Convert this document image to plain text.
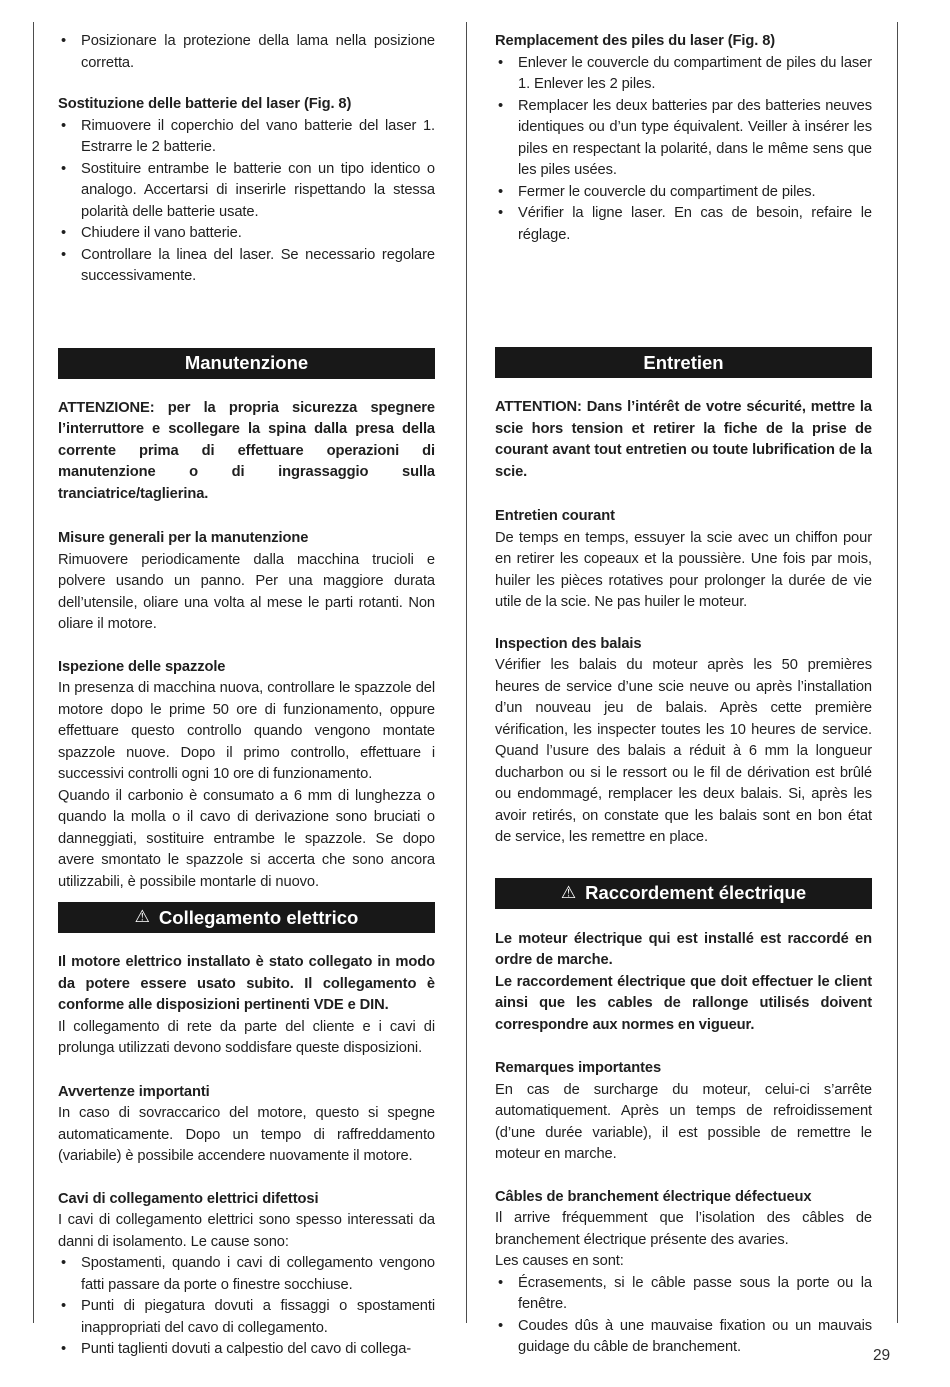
• Posizionare la protezione della lama nella posizione corretta.
Sostituzione delle batterie del laser (Fig. 8)
• Rimuovere il coperchio del vano batterie del laser 1. Estrarre le 2 batterie.
• Sostituire entrambe le batterie con un tipo identico o analogo. Accertarsi di inserirle rispettando la stessa polarità delle batterie usate.
• Chiudere il vano batterie.
• Controllare la linea del laser. Se necessario regolare successivamente.
Manutenzione
ATTENZIONE: per la propria sicurezza spegnere l’interruttore e scollegare la spina dalla presa della corrente prima di effettuare operazioni di manutenzione o di ingrassaggio sulla tranciatrice/taglierina.
Misure generali per la manutenzione
Rimuovere periodicamente dalla macchina trucioli e polvere usando un panno. Per una maggiore durata dell’utensile, oliare una volta al mese le parti rotanti. Non oliare il motore.
Ispezione delle spazzole
In presenza di macchina nuova, controllare le spazzole del motore dopo le prime 50 ore di funzionamento, oppure effettuare questo controllo quando vengono montate spazzole nuove. Dopo il primo controllo, effettuare i successivi controlli ogni 10 ore di funzionamento.
Quando il carbonio è consumato a 6 mm di lunghezza o quando la molla o il cavo di derivazione sono bruciati o danneggiati, sostituire entrambe le spazzole. Se dopo avere smontato le spazzole si accerta che sono ancora utilizzabili, è possibile montarle di nuovo.
⚠ Collegamento elettrico
Il motore elettrico installato è stato collegato in modo da potere essere usato subito. Il collegamento è conforme alle disposizioni pertinenti VDE e DIN.
Il collegamento di rete da parte del cliente e i cavi di prolunga utilizzati devono soddisfare queste disposizioni.
Avvertenze importanti
In caso di sovraccarico del motore, questo si spegne automaticamente. Dopo un tempo di raffreddamento (variabile) è possibile accendere nuovamente il motore.
Cavi di collegamento elettrici difettosi
I cavi di collegamento elettrici sono spesso interessati da danni di isolamento. Le cause sono:
• Spostamenti, quando i cavi di collegamento vengono fatti passare da porte o finestre socchiuse.
• Punti di piegatura dovuti a fissaggi o spostamenti inappropriati del cavo di collegamento.
• Punti taglienti dovuti a calpestio del cavo di collega-
Remplacement des piles du laser (Fig. 8)
• Enlever le couvercle du compartiment de piles du laser 1. Enlever les 2 piles.
• Remplacer les deux batteries par des batteries neuves identiques ou d’un type équivalent. Veiller à insérer les piles en respectant la polarité, dans le même sens que les piles usées.
• Fermer le couvercle du compartiment de piles.
• Vérifier la ligne laser. En cas de besoin, refaire le réglage.
Entretien
ATTENTION: Dans l’intérêt de votre sécurité, mettre la scie hors tension et retirer la fiche de la prise de courant avant tout entretien ou toute lubrification de la scie.
Entretien courant
De temps en temps, essuyer la scie avec un chiffon pour en retirer les copeaux et la poussière. Une fois par mois, huiler les pièces rotatives pour prolonger la durée de vie utile de la scie. Ne pas huiler le moteur.
Inspection des balais
Vérifier les balais du moteur après les 50 premières heures de service d’une scie neuve ou après l’installation d’un nouveau jeu de balais. Après cette première vérification, les inspecter toutes les 10 heures de service. Quand l’usure des balais a réduit à 6 mm la longueur ducharbon ou si le ressort ou le fil de dérivation est brûlé ou endommagé, remplacer les deux balais. Si, après les avoir retirés, on constate que les balais sont en bon état de service, les remettre en place.
⚠ Raccordement électrique
Le moteur électrique qui est installé est raccordé en ordre de marche.
Le raccordement électrique que doit effectuer le client ainsi que les cables de rallonge utilisés doivent correspondre aux normes en vigueur.
Remarques importantes
En cas de surcharge du moteur, celui-ci s’arrête automatiquement. Après un temps de refroidissement (d’une durée variable), il est possible de remettre le moteur en marche.
Câbles de branchement électrique défectueux
Il arrive fréquemment que l’isolation des câbles de branchement électrique présente des avaries.
Les causes en sont:
• Écrasements, si le câble passe sous la porte ou la fenêtre.
• Coudes dûs à une mauvaise fixation ou un mauvais guidage du câble de branchement.	29
